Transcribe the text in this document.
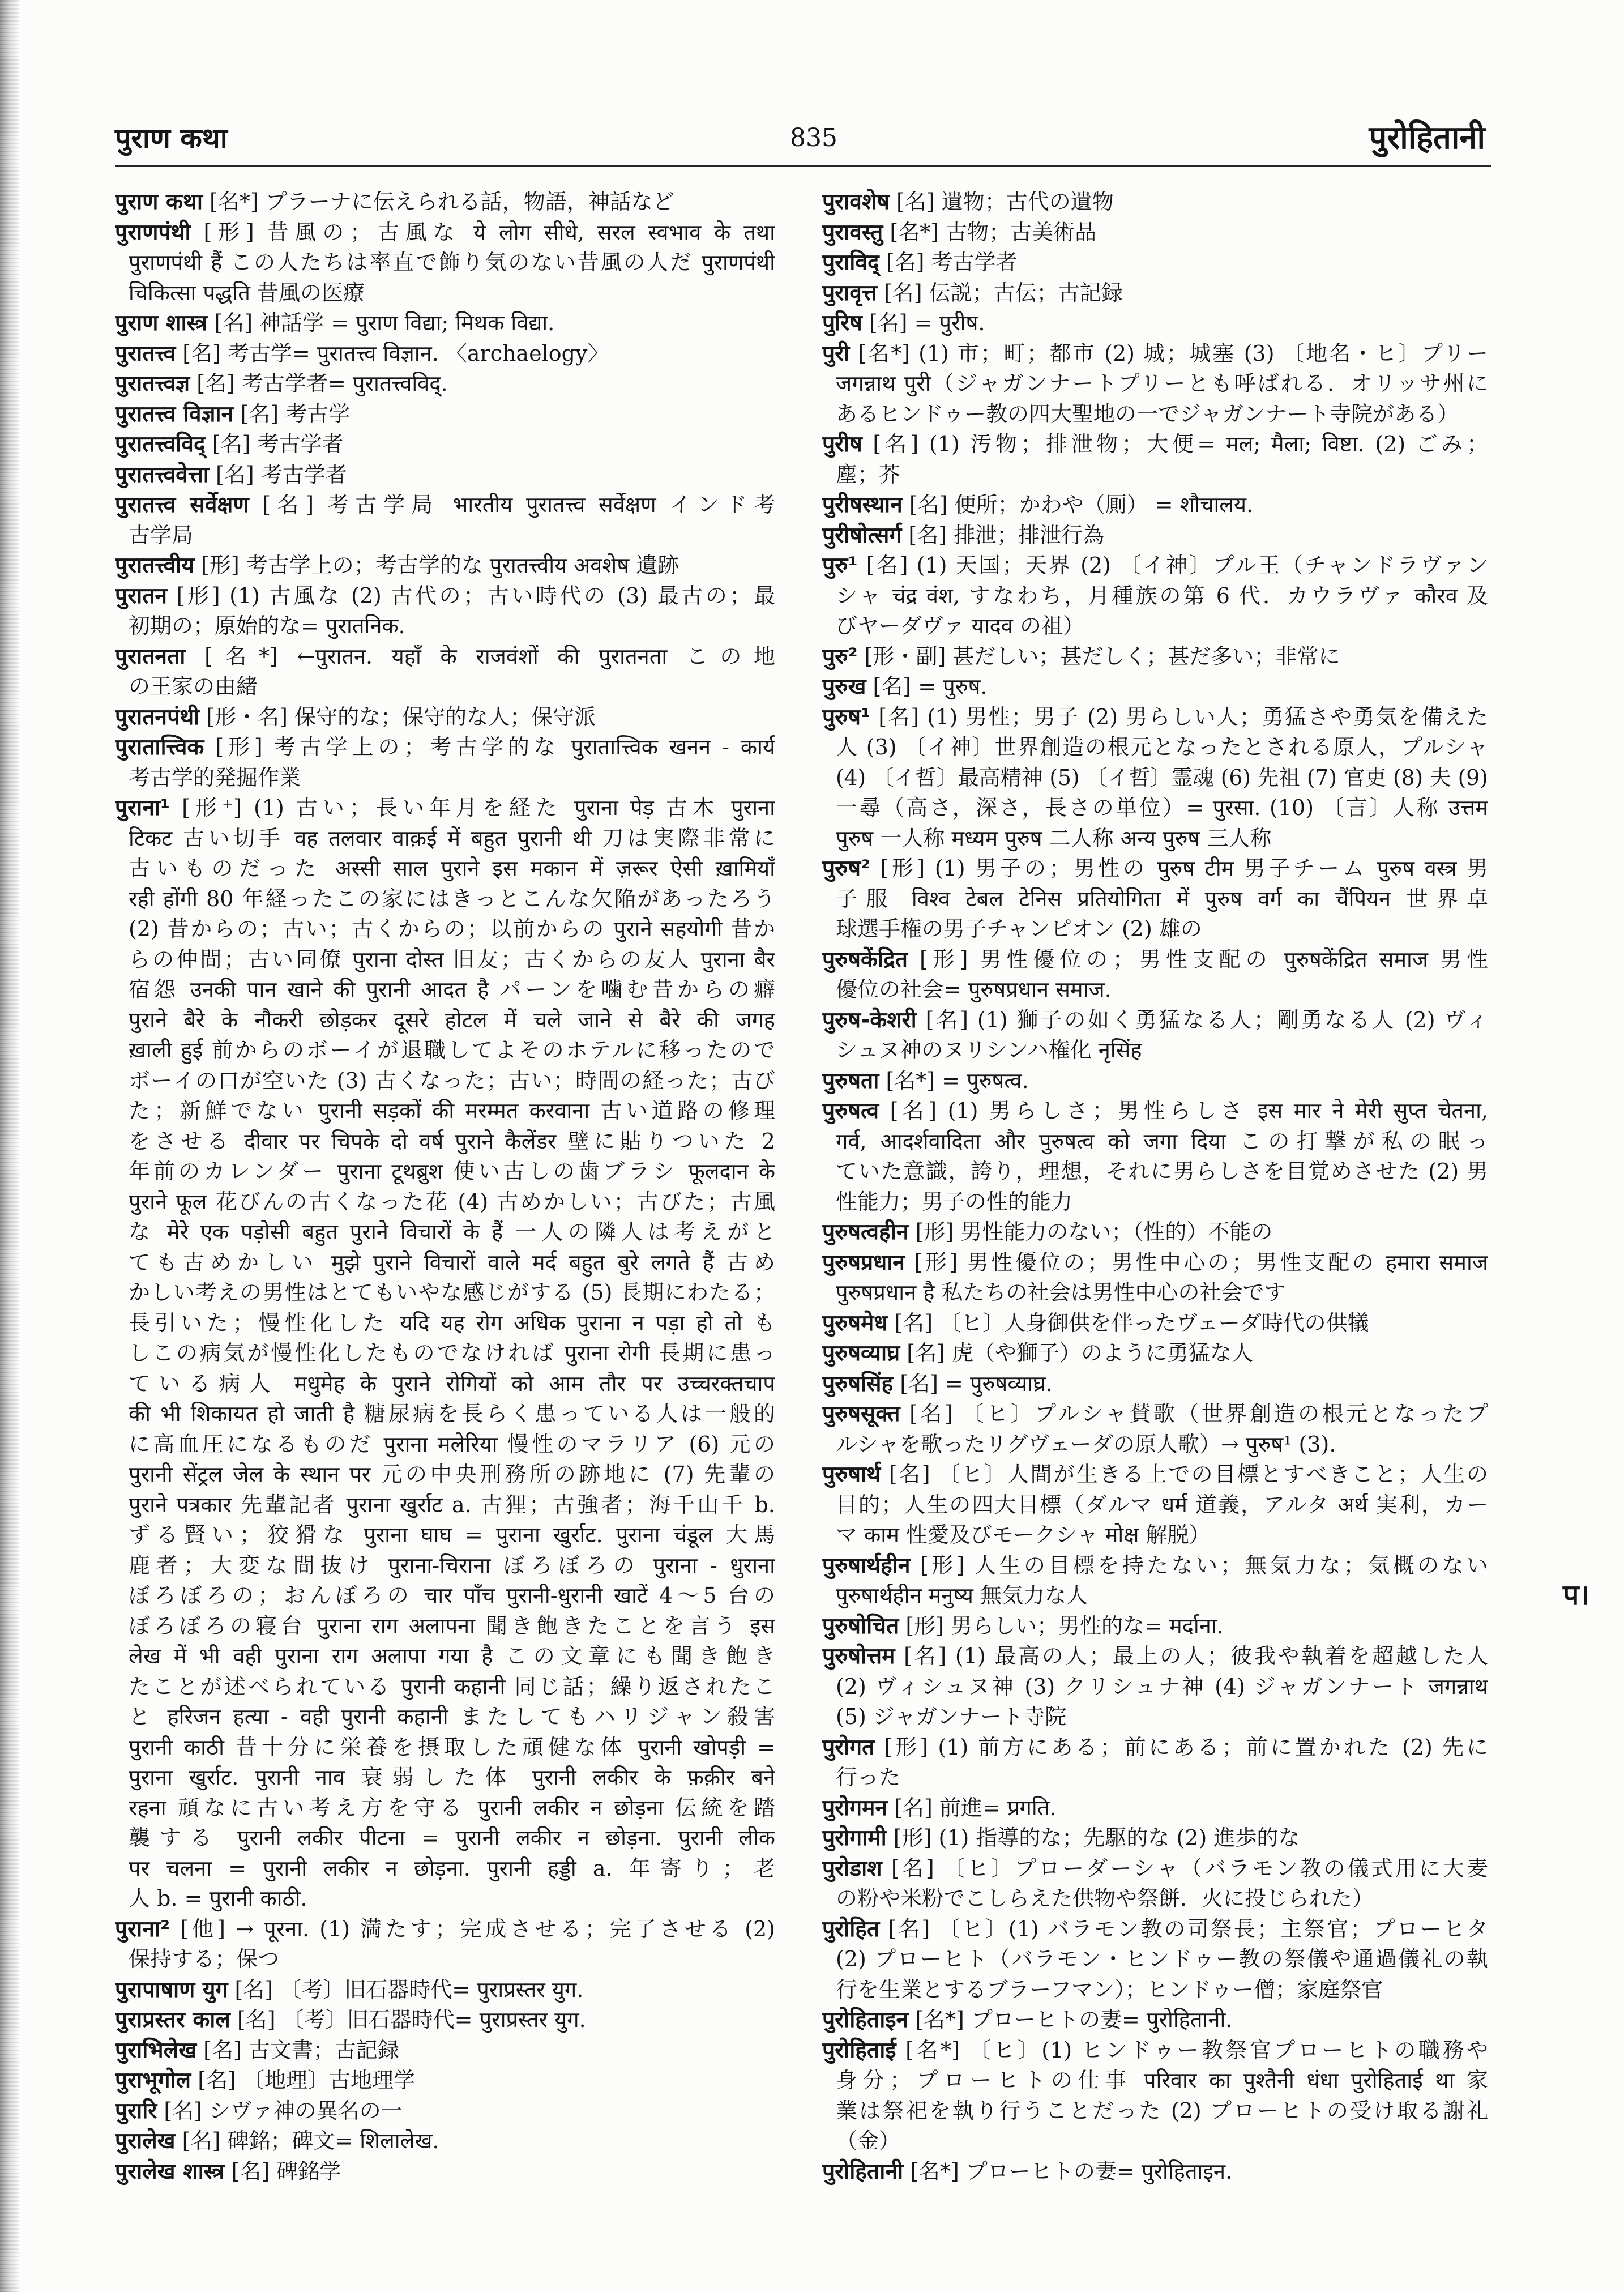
पुराण कथा	835	पुरोहितानी
पुराण कथा [名*] プラーナに伝えられる話，物語，神話など
पुराणपंथी [形] 昔風の；古風な ये लोग सीधे, सरल स्वभाव के तथा
पुराणपंथी हैं この人たちは率直で飾り気のない昔風の人だ पुराणपंथी
चिकित्सा पद्धति 昔風の医療
पुराण शास्त्र [名] 神話学 = पुराण विद्या; मिथक विद्या.
पुरातत्त्व [名] 考古学= पुरातत्त्व विज्ञान. 〈archaelogy〉
पुरातत्त्वज्ञ [名] 考古学者= पुरातत्त्वविद्.
पुरातत्त्व विज्ञान [名] 考古学
पुरातत्त्वविद् [名] 考古学者
पुरातत्त्ववेत्ता [名] 考古学者
पुरातत्त्व सर्वेक्षण [名] 考古学局 भारतीय पुरातत्त्व सर्वेक्षण インド考
古学局
पुरातत्त्वीय [形] 考古学上の；考古学的な पुरातत्त्वीय अवशेष 遺跡
पुरातन [形] (1) 古風な (2) 古代の；古い時代の (3) 最古の；最
初期の；原始的な= पुरातनिक.
पुरातनता [名*] ←पुरातन. यहाँ के राजवंशों की पुरातनता この地
の王家の由緒
पुरातनपंथी [形・名] 保守的な；保守的な人；保守派
पुरातात्त्विक [形] 考古学上の；考古学的な पुरातात्त्विक खनन - कार्य
考古学的発掘作業
पुराना¹ [形⁺] (1) 古い；長い年月を経た पुराना पेड़ 古木 पुराना
टिकट 古い切手 वह तलवार वाक़ई में बहुत पुरानी थी 刀は実際非常に
古いものだった अस्सी साल पुराने इस मकान में ज़रूर ऐसी ख़ामियाँ
रही होंगी 80 年経ったこの家にはきっとこんな欠陥があったろう
(2) 昔からの；古い；古くからの；以前からの पुराने सहयोगी 昔か
らの仲間；古い同僚 पुराना दोस्त 旧友；古くからの友人 पुराना बैर
宿怨 उनकी पान खाने की पुरानी आदत है パーンを噛む昔からの癖
पुराने बैरे के नौकरी छोड़कर दूसरे होटल में चले जाने से बैरे की जगह
ख़ाली हुई 前からのボーイが退職してよそのホテルに移ったので
ボーイの口が空いた (3) 古くなった；古い；時間の経った；古び
た；新鮮でない पुरानी सड़कों की मरम्मत करवाना 古い道路の修理
をさせる दीवार पर चिपके दो वर्ष पुराने कैलेंडर 壁に貼りついた 2
年前のカレンダー पुराना टूथब्रुश 使い古しの歯ブラシ फूलदान के
पुराने फूल 花びんの古くなった花 (4) 古めかしい；古びた；古風
な मेरे एक पड़ोसी बहुत पुराने विचारों के हैं 一人の隣人は考えがと
ても古めかしい मुझे पुराने विचारों वाले मर्द बहुत बुरे लगते हैं 古め
かしい考えの男性はとてもいやな感じがする (5) 長期にわたる；
長引いた；慢性化した यदि यह रोग अधिक पुराना न पड़ा हो तो も
しこの病気が慢性化したものでなければ पुराना रोगी 長期に患っ
ている病人 मधुमेह के पुराने रोगियों को आम तौर पर उच्चरक्तचाप
की भी शिकायत हो जाती है 糖尿病を長らく患っている人は一般的
に高血圧になるものだ पुराना मलेरिया 慢性のマラリア (6) 元の
पुरानी सेंट्रल जेल के स्थान पर 元の中央刑務所の跡地に (7) 先輩の
पुराने पत्रकार 先輩記者 पुराना खुर्राट a. 古狸；古強者；海千山千 b.
ずる賢い；狡猾な पुराना घाघ = पुराना खुर्राट. पुराना चंडूल 大馬
鹿者；大変な間抜け पुराना-चिराना ぼろぼろの पुराना - धुराना
ぼろぼろの；おんぼろの चार पाँच पुरानी-धुरानी खाटें 4〜5 台の
ぼろぼろの寝台 पुराना राग अलापना 聞き飽きたことを言う इस
लेख में भी वही पुराना राग अलापा गया है この文章にも聞き飽き
たことが述べられている पुरानी कहानी 同じ話；繰り返されたこ
と हरिजन हत्या - वही पुरानी कहानी またしてもハリジャン殺害
पुरानी काठी 昔十分に栄養を摂取した頑健な体 पुरानी खोपड़ी =
पुराना खुर्राट. पुरानी नाव 衰弱した体 पुरानी लकीर के फ़क़ीर बने
रहना 頑なに古い考え方を守る पुरानी लकीर न छोड़ना 伝統を踏
襲する पुरानी लकीर पीटना = पुरानी लकीर न छोड़ना. पुरानी लीक
पर चलना = पुरानी लकीर न छोड़ना. पुरानी हड्डी a. 年寄り；老
人 b. = पुरानी काठी.
पुराना² [他] → पूरना. (1) 満たす；完成させる；完了させる (2)
保持する；保つ
पुरापाषाण युग [名] 〔考〕旧石器時代= पुराप्रस्तर युग.
पुराप्रस्तर काल [名] 〔考〕旧石器時代= पुराप्रस्तर युग.
पुराभिलेख [名] 古文書；古記録
पुराभूगोल [名] 〔地理〕古地理学
पुरारि [名] シヴァ神の異名の一
पुरालेख [名] 碑銘；碑文= शिलालेख.
पुरालेख शास्त्र [名] 碑銘学
पुरावशेष [名] 遺物；古代の遺物
पुरावस्तु [名*] 古物；古美術品
पुराविद् [名] 考古学者
पुरावृत्त [名] 伝説；古伝；古記録
पुरिष [名] = पुरीष.
पुरी [名*] (1) 市；町；都市 (2) 城；城塞 (3) 〔地名・ヒ〕プリー
जगन्नाथ पुरी（ジャガンナートプリーとも呼ばれる．オリッサ州に
あるヒンドゥー教の四大聖地の一でジャガンナート寺院がある）
पुरीष [名] (1) 汚物；排泄物；大便= मल; मैला; विष्टा. (2) ごみ；
塵；芥
पुरीषस्थान [名] 便所；かわや（厠） = शौचालय.
पुरीषोत्सर्ग [名] 排泄；排泄行為
पुरु¹ [名] (1) 天国；天界 (2) 〔イ神〕プル王（チャンドラヴァン
シャ चंद्र वंश, すなわち，月種族の第 6 代．カウラヴァ कौरव 及
びヤーダヴァ यादव の祖）
पुरु² [形・副] 甚だしい；甚だしく；甚だ多い；非常に
पुरुख [名] = पुरुष.
पुरुष¹ [名] (1) 男性；男子 (2) 男らしい人；勇猛さや勇気を備えた
人 (3) 〔イ神〕世界創造の根元となったとされる原人，プルシャ
(4) 〔イ哲〕最高精神 (5) 〔イ哲〕霊魂 (6) 先祖 (7) 官吏 (8) 夫 (9)
一尋（高さ，深さ，長さの単位）= पुरसा. (10) 〔言〕人称 उत्तम
पुरुष 一人称 मध्यम पुरुष 二人称 अन्य पुरुष 三人称
पुरुष² [形] (1) 男子の；男性の पुरुष टीम 男子チーム पुरुष वस्त्र 男
子服 विश्व टेबल टेनिस प्रतियोगिता में पुरुष वर्ग का चैंपियन 世界卓
球選手権の男子チャンピオン (2) 雄の
पुरुषकेंद्रित [形] 男性優位の；男性支配の पुरुषकेंद्रित समाज 男性
優位の社会= पुरुषप्रधान समाज.
पुरुष-केशरी [名] (1) 獅子の如く勇猛なる人；剛勇なる人 (2) ヴィ
シュヌ神のヌリシンハ権化 नृसिंह
पुरुषता [名*] = पुरुषत्व.
पुरुषत्व [名] (1) 男らしさ；男性らしさ इस मार ने मेरी सुप्त चेतना,
गर्व, आदर्शवादिता और पुरुषत्व को जगा दिया この打撃が私の眠っ
ていた意識，誇り，理想，それに男らしさを目覚めさせた (2) 男
性能力；男子の性的能力
पुरुषत्वहीन [形] 男性能力のない；（性的）不能の
पुरुषप्रधान [形] 男性優位の；男性中心の；男性支配の हमारा समाज
पुरुषप्रधान है 私たちの社会は男性中心の社会です
पुरुषमेध [名] 〔ヒ〕人身御供を伴ったヴェーダ時代の供犠
पुरुषव्याघ्र [名] 虎（や獅子）のように勇猛な人
पुरुषसिंह [名] = पुरुषव्याघ्र.
पुरुषसूक्त [名] 〔ヒ〕プルシャ賛歌（世界創造の根元となったプ
ルシャを歌ったリグヴェーダの原人歌）→ पुरुष¹ (3).
पुरुषार्थ [名] 〔ヒ〕人間が生きる上での目標とすべきこと；人生の
目的；人生の四大目標（ダルマ धर्म 道義，アルタ अर्थ 実利，カー
マ काम 性愛及びモークシャ मोक्ष 解脱）
पुरुषार्थहीन [形] 人生の目標を持たない；無気力な；気概のない
पुरुषार्थहीन मनुष्य 無気力な人
पुरुषोचित [形] 男らしい；男性的な= मर्दाना.
पुरुषोत्तम [名] (1) 最高の人；最上の人；彼我や執着を超越した人
(2) ヴィシュヌ神 (3) クリシュナ神 (4) ジャガンナート जगन्नाथ
(5) ジャガンナート寺院
पुरोगत [形] (1) 前方にある；前にある；前に置かれた (2) 先に
行った
पुरोगमन [名] 前進= प्रगति.
पुरोगामी [形] (1) 指導的な；先駆的な (2) 進歩的な
पुरोडाश [名] 〔ヒ〕プローダーシャ（バラモン教の儀式用に大麦
の粉や米粉でこしらえた供物や祭餅．火に投じられた）
पुरोहित [名] 〔ヒ〕(1) バラモン教の司祭長；主祭官；プローヒタ
(2) プローヒト（バラモン・ヒンドゥー教の祭儀や通過儀礼の執
行を生業とするブラーフマン）；ヒンドゥー僧；家庭祭官
पुरोहिताइन [名*] プローヒトの妻= पुरोहितानी.
पुरोहिताई [名*] 〔ヒ〕(1) ヒンドゥー教祭官プローヒトの職務や
身分；プローヒトの仕事 परिवार का पुश्तैनी धंधा पुरोहिताई था 家
業は祭祀を執り行うことだった (2) プローヒトの受け取る謝礼
（金）
पुरोहितानी [名*] プローヒトの妻= पुरोहिताइन.
प।
